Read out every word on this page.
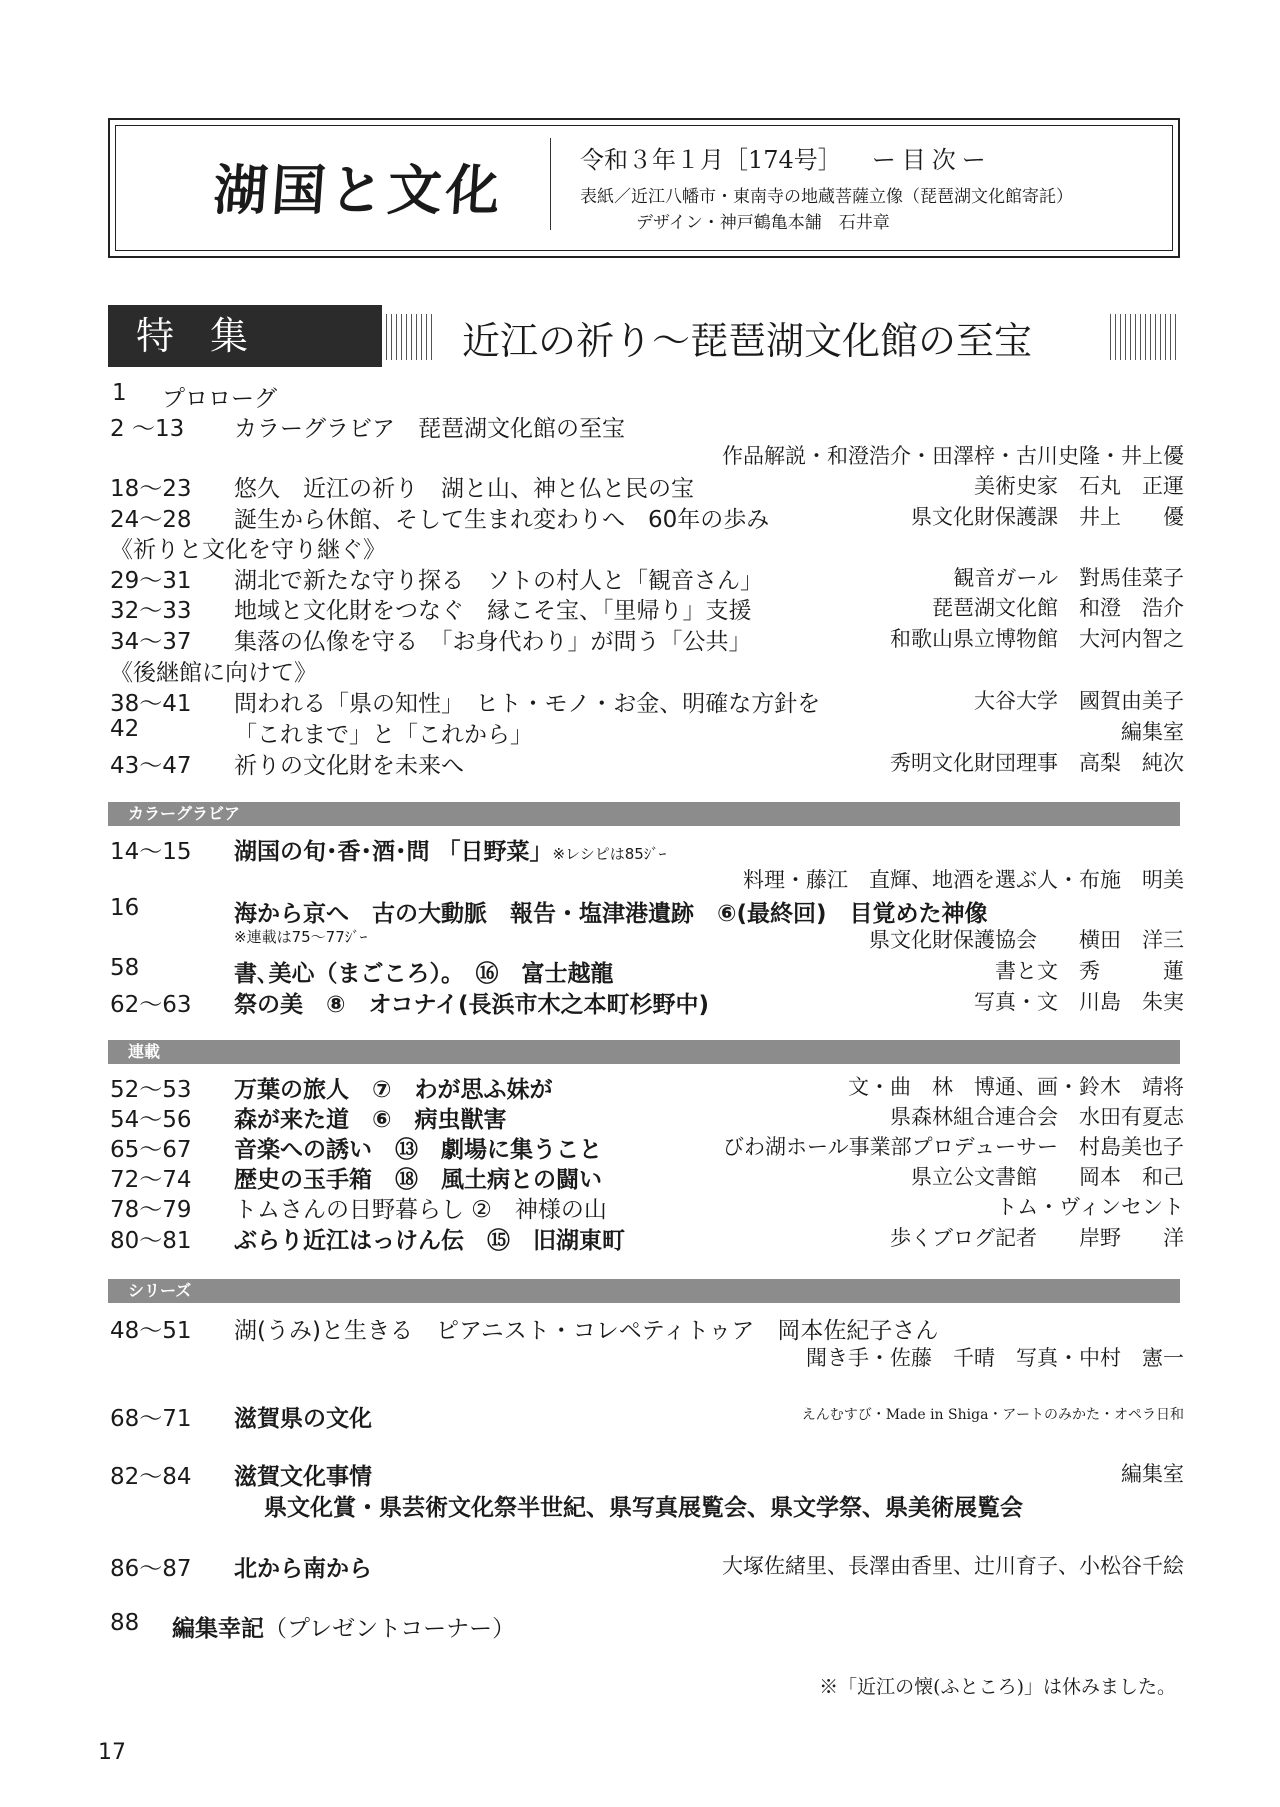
湖国と文化	令和３年１月［174号］ ー目次ー
表紙／近江八幡市・東南寺の地蔵菩薩立像（琵琶湖文化館寄託）
デザイン・神戸鶴亀本舗　石井章
特集	近江の祈り～琵琶湖文化館の至宝
1 プロローグ
2 ～13 カラーグラビア　琵琶湖文化館の至宝
作品解説・和澄浩介・田澤梓・古川史隆・井上優
18～23 悠久　近江の祈り　湖と山、神と仏と民の宝	美術史家　石丸　正運
24～28 誕生から休館、そして生まれ変わりへ　60年の歩み	県文化財保護課　井上　　優
《祈りと文化を守り継ぐ》
29～31 湖北で新たな守り探る　ソトの村人と「観音さん」	観音ガール　對馬佳菜子
32～33 地域と文化財をつなぐ　縁こそ宝、「里帰り」支援	琵琶湖文化館　和澄　浩介
34～37 集落の仏像を守る　「お身代わり」が問う「公共」	和歌山県立博物館　大河内智之
《後継館に向けて》
38～41 問われる「県の知性」　ヒト・モノ・お金、明確な方針を	大谷大学　國賀由美子
42	「これまで」と「これから」	編集室
43～47 祈りの文化財を未来へ	秀明文化財団理事　高梨　純次
カラーグラビア
14～15 湖国の旬･香･酒･問 「日野菜」※レシピは85ｼﾞｰ
料理・藤江　直輝、地酒を選ぶ人・布施　明美
16	海から京へ　古の大動脈　報告・塩津港遺跡　⑥(最終回)　目覚めた神像
※連載は75～77ｼﾞｰ	県文化財保護協会　　横田　洋三
58	書､美心（まごころ）。　⑯　富士越龍	書と文　秀　　　蓮
62～63 祭の美　⑧　オコナイ(長浜市木之本町杉野中)	写真・文　川島　朱実
連載
52～53 万葉の旅人　⑦　わが思ふ妹が	文・曲　林　博通、画・鈴木　靖将
54～56 森が来た道　⑥　病虫獣害	県森林組合連合会　水田有夏志
65～67 音楽への誘い　⑬　劇場に集うこと	びわ湖ホール事業部プロデューサー　村島美也子
72～74 歴史の玉手箱　⑱　風土病との闘い	県立公文書館　　岡本　和己
78～79 トムさんの日野暮らし ②　神様の山	トム・ヴィンセント
80～81 ぶらり近江はっけん伝　⑮　旧湖東町	歩くブログ記者　　岸野　　洋
シリーズ
48～51 湖(うみ)と生きる　ピアニスト・コレペティトゥア　岡本佐紀子さん
聞き手・佐藤　千晴　写真・中村　憲一
68～71 滋賀県の文化	えんむすび・Made in Shiga・アートのみかた・オペラ日和
82～84 滋賀文化事情	編集室
県文化賞・県芸術文化祭半世紀、県写真展覧会、県文学祭、県美術展覧会
86～87 北から南から	大塚佐緒里、長澤由香里、辻川育子、小松谷千絵
88 編集幸記（プレゼントコーナー）
※「近江の懐(ふところ)」は休みました。
17
